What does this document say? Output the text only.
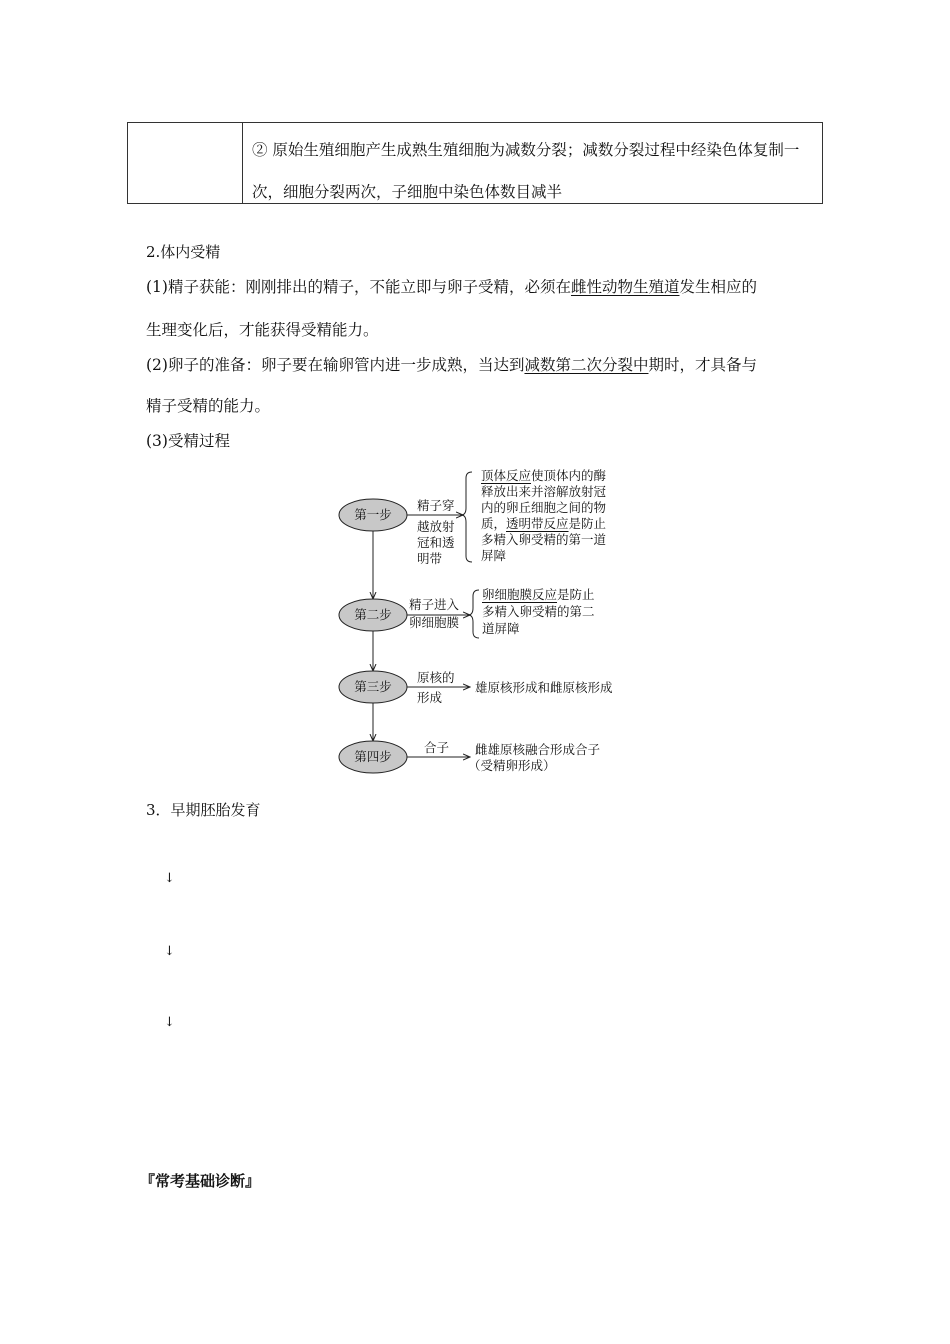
② 原始生殖细胞产生成熟生殖细胞为减数分裂；减数分裂过程中经染色体复制一次，细胞分裂两次，子细胞中染色体数目减半
2.体内受精
(1)精子获能：刚刚排出的精子，不能立即与卵子受精，必须在雌性动物生殖道发生相应的
生理变化后，才能获得受精能力。
(2)卵子的准备：卵子要在输卵管内进一步成熟，当达到减数第二次分裂中期时，才具备与
精子受精的能力。
(3)受精过程
第一步
第二步
第三步
第四步
精子穿
越放射
冠和透
明带
顶体反应使顶体内的酶
释放出来并溶解放射冠
内的卵丘细胞之间的物
质，透明带反应是防止
多精入卵受精的第一道
屏障
精子进入
卵细胞膜
卵细胞膜反应是防止
多精入卵受精的第二
道屏障
原核的
形成
雄原核形成和雌原核形成
合子 雌雄原核融合形成合子
（受精卵形成）
3．早期胚胎发育
↓
↓
↓
『常考基础诊断』
